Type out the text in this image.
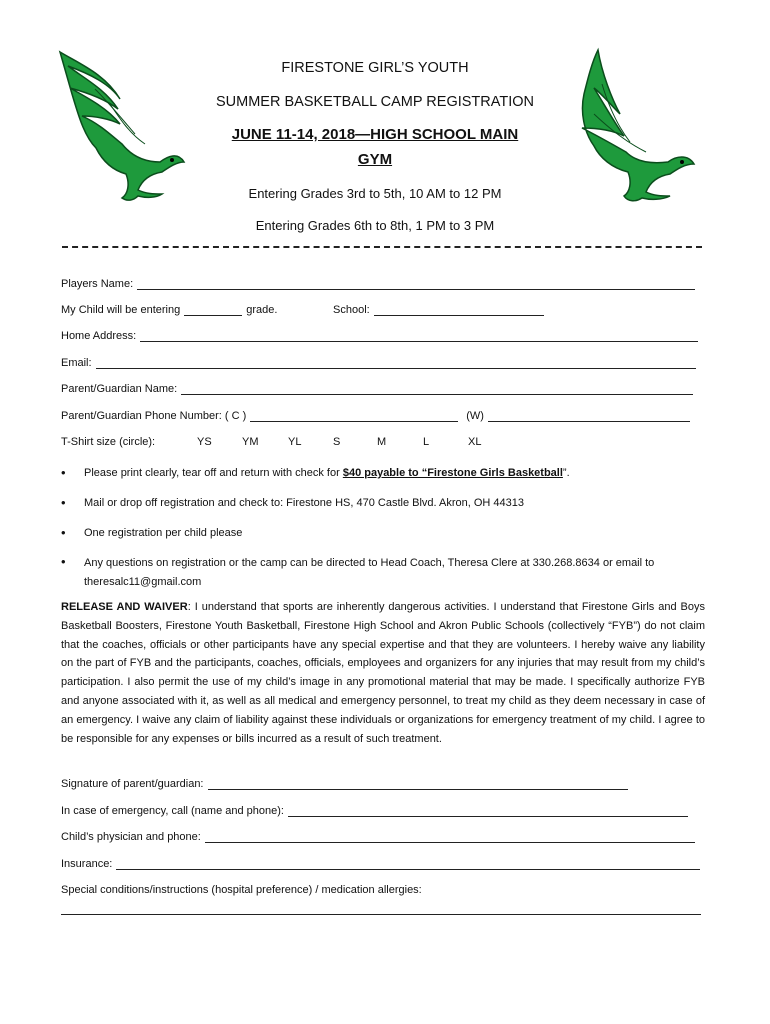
FIRESTONE GIRL’S YOUTH
SUMMER BASKETBALL CAMP REGISTRATION
JUNE 11-14, 2018—HIGH SCHOOL MAIN
GYM
Entering Grades 3rd to 5th, 10 AM to 12 PM
Entering Grades 6th to 8th, 1 PM to 3 PM
Players Name:
My Child will be entering	grade.	School:
Home Address:
Email:
Parent/Guardian Name:
Parent/Guardian Phone Number: ( C )	(W)
T-Shirt size (circle):	YS	YM	YL	S	M	L	XL
• Please print clearly, tear off and return with check for $40 payable to “Firestone Girls Basketball”.
• Mail or drop off registration and check to: Firestone HS, 470 Castle Blvd. Akron, OH 44313
• One registration per child please
• Any questions on registration or the camp can be directed to Head Coach, Theresa Clere at 330.268.8634 or email to theresalc11@gmail.com
RELEASE AND WAIVER: I understand that sports are inherently dangerous activities. I understand that Firestone Girls and Boys Basketball Boosters, Firestone Youth Basketball, Firestone High School and Akron Public Schools (collectively “FYB”) do not claim that the coaches, officials or other participants have any special expertise and that they are volunteers. I hereby waive any liability on the part of FYB and the participants, coaches, officials, employees and organizers for any injuries that may result from my child’s participation. I also permit the use of my child’s image in any promotional material that may be made. I specifically authorize FYB and anyone associated with it, as well as all medical and emergency personnel, to treat my child as they deem necessary in case of an emergency. I waive any claim of liability against these individuals or organizations for emergency treatment of my child. I agree to be responsible for any expenses or bills incurred as a result of such treatment.
Signature of parent/guardian:
In case of emergency, call (name and phone):
Child’s physician and phone:
Insurance:
Special conditions/instructions (hospital preference) / medication allergies:
